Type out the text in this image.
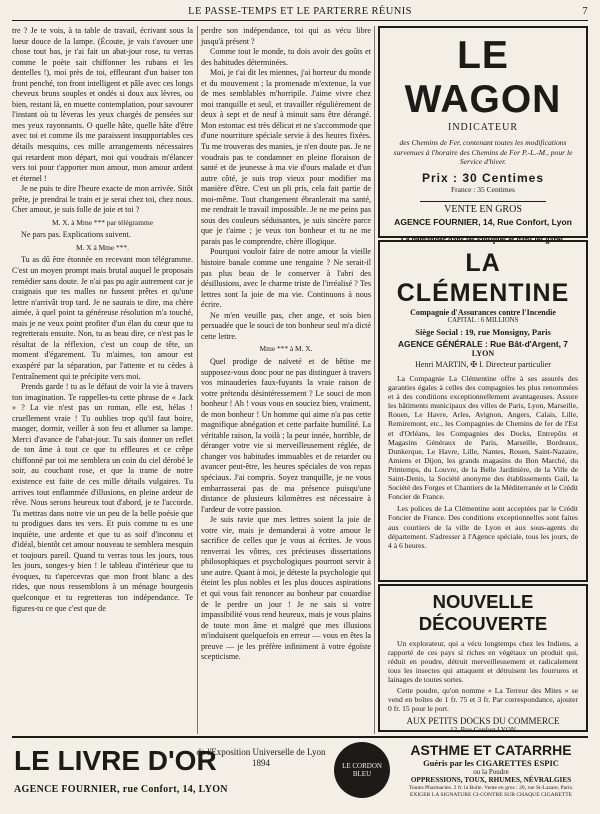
LE PASSE-TEMPS ET LE PARTERRE RÉUNIS	7

tre ? Je te vois, à ta table de travail, écrivant sous la lueur douce de la lampe. (Écoute, je vais t'avouer une chose tout bas, je t'ai fait un abat-jour rose, tu verras comme le poète sait chiffonner les rubans et les dentelles !), moi près de toi, effleurant d'un baiser ton front penché, ton front intelligent et pâle avec ces longs cheveux bruns souples et ondés si doux aux lèvres, ou bien, restant là, en muette contemplation, pour savourer l'instant où tu lèveras les yeux chargés de pensées sur mes yeux rayonnants. O quelle hâte, quelle hâte d'être avec toi et comme ils me paraissent insupportables ces détails mesquins, ces mille arrangements nécessaires qui retardent mon départ, moi qui voudrais m'élancer vers toi pour t'apporter mon amour, mon amour ardent et éternel !

Je ne puis te dire l'heure exacte de mon arrivée. Sitôt prête, je prendrai le train et je serai chez toi, chez nous. Cher amour, je suis folle de joie et toi ?

M. X. à Mme *** par télégramme

Ne pars pas. Explications suivent.

M. X à Mme ***.

Tu as dû être étonnée en recevant mon télégramme. C'est un moyen prompt mais brutal auquel le proposais remédier sans doute. Je n'ai pas pu agir autrement car je craignais que tes malles ne fussent prêtes et qu'une lettre n'arrivât trop tard. Je ne saurais te dire, ma chère aimée, à quel point ta généreuse résolution m'a touché, mais je ne veux point profiter d'un élan du cœur que tu regretterais ensuite. Non, tu as beau dire, ce n'est pas le résultat de la réflexion, c'est un coup de tête, un moment d'égarement. Tu m'aimes, ton amour est exaspéré par la séparation, par l'attente et tu cèdes à l'entraînement qui te précipite vers moi.

Prends garde ! tu as le défaut de voir la vie à travers ton imagination. Te rappelles-tu cette phrase de « Jack » ? La vie n'est pas un roman, elle est, hélas ! cruellement vraie ! Tu oublies trop qu'il faut boire, manger, dormir, veiller à son feu et allumer sa lampe. Merci d'avance de l'abat-jour. Tu sais donner un reflet de ton âme à tout ce que tu effleures et ce crêpe chiffonné par toi me semblera un coin du ciel dérobé le soir, au couchant rose, et que la trame de notre existence est faite de ces mille détails vulgaires. Tu arrives tout enflammée d'illusions, en pleine ardeur de rêve. Nous serons heureux tout d'abord, je te l'accorde. Tu mettras dans notre vie un peu de la belle poésie que tu prodigues dans tes vers. Et puis comme tu es une inquiète, une ardente et que tu as soif d'inconnu et d'idéal, bientôt cet amour nouveau te semblera mesquin et toujours pareil. Quand tu verras tous les jours, tous les jours, songes-y bien ! le tableau d'intérieur que tu évoques, tu t'apercevras que mon front blanc a des rides, que nous ressemblons à un ménage bourgeois quelconque et tu regretteras ton indépendance. Te figures-tu ce que c'est que de

perdre son indépendance, toi qui as vécu libre jusqu'à présent ?

Comme tout le monde, tu dois avoir des goûts et des habitudes déterminées.

Moi, je t'ai dit les miennes, j'ai horreur du monde et du mouvement ; la promenade m'extenue, la vue de mes semblables m'horripile. J'aime vivre chez moi tranquille et seul, et travailler régulièrement de deux à sept et de neuf à minuit sans être dérangé. Mon estomac est très délicat et ne s'accommode que d'une nourriture spéciale servie à des heures fixées. Tu me trouveras des manies, je n'en doute pas. Je ne voudrais pas te condamner en pleine floraison de santé et de jeunesse à ma vie d'ours malade et d'un autre côté, je suis trop vieux pour modifier ma manière d'être. C'est un pli pris, cela fait partie de moi-même. Tout changement ébranlerait ma santé, me rendrait le travail impossible. Je ne me peins pas sous des couleurs séduisantes, je suis sincère parce que je t'aime ; je veux ton bonheur et tu ne me parais pas le comprendre, chère illogique.

Pourquoi vouloir faire de notre amour la vieille histoire banale comme une rengaine ? Ne serait-il pas plus beau de le conserver à l'abri des désillusions, avec le charme triste de l'irréalisé ? Tes lettres sont la joie de ma vie. Continuons à nous écrire.

Ne m'en veuille pas, cher ange, et sois bien persuadée que le souci de ton bonheur seul m'a dicté cette lettre.

Mme *** à M. X.

Quel prodige de naïveté et de bêtise me supposez-vous donc pour ne pas distinguer à travers vos minauderies faux-fuyants la vraie raison de votre prétendu désintéressement ? Le souci de mon bonheur ! Ah ! vous vous en souciez bien, vraiment, de mon bonheur ! Un homme qui aime n'a pas cette magnifique abnégation et cette parfaite humilité. La véritable raison, la voilà ; la peur innée, horrible, de déranger votre vie si merveilleusement réglée, de changer vos habitudes immuables et de retarder ou avancer peut-être, les heures spéciales de vos repas spéciaux. J'ai compris. Soyez tranquille, je ne vous embarrasserai pas de ma présence puisqu'une distance de plusieurs kilomètres est nécessaire à l'ardeur de votre passion.

Je suis ravie que mes lettres soient la joie de votre vie, mais je demanderai à votre amour le sacrifice de celles que je vous ai écrites. Je vous renverrai les vôtres, ces précieuses dissertations philosophiques et psychologiques pourront servir à une autre. Quant à moi, je déteste la psychologie qui éteint les plus nobles et les plus douces aspirations et qui vous fait renoncer au bonheur par couardise de le perdre un jour ! Je ne sais si votre impassibilité vous rend heureux, mais je vous plains de toute mon âme et malgré que mes illusions m'induisent quelquefois en erreur — vous en êtes la preuve — je les préfère infiniment à votre égoïste scepticisme.

LE WAGON
INDICATEUR
des Chemins de Fer, contenant toutes les modifications survenues à l'horaire des Chemins de Fer P.-L.-M., pour le Service d'hiver.
Prix : 30 Centimes
France : 35 Centimes
VENTE EN GROS
AGENCE FOURNIER, 14, Rue Confort, Lyon
Le demander dans les kiosques et dans les gares.
LA CLÉMENTINE
Compagnie d'Assurances contre l'Incendie
CAPITAL : 6 MILLIONS
Siège Social : 19, rue Monsigny, Paris
AGENCE GÉNÉRALE : Rue Bât-d'Argent, 7
LYON
Henri MARTIN, ✠ I. Directeur particulier
La Compagnie La Clémentine offre à ses assurés des garanties égales à celles des compagnies les plus renommées et à des conditions exceptionnellement avantageuses. Assure les bâtiments municipaux des villes de Paris, Lyon, Marseille, Rouen, Le Havre, Arles, Avignon, Angers, Calais, Lille, Remiremont, etc., les Compagnies de Chemins de fer de l'Est et d'Orléans, les Compagnies des Docks, Entrepôts et Magasins Généraux de Paris, Marseille, Bordeaux, Dunkerque, Le Havre, Lille, Nantes, Rouen, Saint-Nazaire, Amiens et Dijon, les grands magasins du Bon Marché, du Printemps, du Louvre, de la Belle Jardinière, de la Ville de Saint-Denis, la Société anonyme des établissements Gail, la Société des Forges et Chantiers de la Méditerranée et le Crédit Foncier de France.
Les polices de La Clémentine sont acceptées par le Crédit Foncier de France. Des conditions exceptionnelles sont faites aux courtiers de la ville de Lyon et aux sous-agents du département. S'adresser à l'Agence spéciale, tous les jours, de 4 à 6 heures.
NOUVELLE DÉCOUVERTE
Un explorateur, qui a vécu longtemps chez les Indiens, a rapporté de ces pays si riches en végétaux un produit qui, réduit en poudre, détruit merveilleusement et radicalement tous les insectes qui attaquent et détruisent les fourrures et lainages de toutes sortes.
Cette poudre, qu'on nomme « La Terreur des Mites » se vend en boîtes de 1 fr. 75 et 3 fr. Par correspondance, ajouter 0 fr. 15 pour le port.
AUX PETITS DOCKS DU COMMERCE
12, Rue Confort LYON
LE LIVRE D'OR
de l'Exposition Universelle de Lyon 1894
AGENCE FOURNIER, rue Confort, 14, LYON
LE CORDON BLEU
ASTHME ET CATARRHE
Guéris par les CIGARETTES ESPIC
ou la Poudre
OPPRESSIONS, TOUX, RHUMES, NÉVRALGIES
Toutes Pharmacies. 2 fr. la Boîte. Vente en gros : 20, rue St-Lazare, Paris.
EXIGER LA SIGNATURE CI-CONTRE SUR CHAQUE CIGARETTE
